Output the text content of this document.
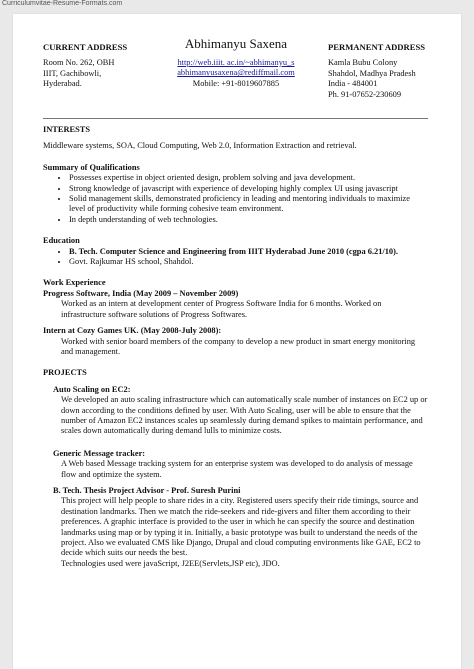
Curriculumvitae-Resume-Formats.com
CURRENT ADDRESS
Room No. 262, OBH
IIIT, Gachibowli,
Hyderabad.
Abhimanyu Saxena
http://web.iiit. ac.in/~abhimanyu_s
abhimanyusaxena@rediffmail.com
Mobile: +91-8019607885
PERMANENT ADDRESS
Kamla Bubu Colony
Shahdol, Madhya Pradesh
India - 484001
Ph. 91-07652-230609
INTERESTS

Middleware systems, SOA, Cloud Computing, Web 2.0, Information Extraction and retrieval.

Summary of Qualifications
• Possesses expertise in object oriented design, problem solving and java development.
• Strong knowledge of javascript with experience of developing highly complex UI using javascript
• Solid management skills, demonstrated proficiency in leading and mentoring individuals to maximize level of productivity while forming cohesive team environment.
• In depth understanding of web technologies.
Education
• B. Tech. Computer Science and Engineering from IIIT Hyderabad June 2010 (cgpa 6.21/10).
• Govt. Rajkumar HS school, Shahdol.
Work Experience
Progress Software, India (May 2009 – November 2009)

Worked as an intern at development center of Progress Software India for 6 months. Worked on infrastructure software solutions of Progress Softwares.

Intern at Cozy Games UK. (May 2008-July 2008):

Worked with senior board members of the company to develop a new product in smart energy monitoring and management.

PROJECTS
Auto Scaling on EC2:

We developed an auto scaling infrastructure which can automatically scale number of instances on EC2 up or down according to the conditions defined by user. With Auto Scaling, user will be able to ensure that the number of Amazon EC2 instances scales up seamlessly during demand spikes to maintain performance, and scales down automatically during demand lulls to minimize costs.

Generic Message tracker:

A Web based Message tracking system for an enterprise system was developed to do analysis of message flow and optimize the system.

B. Tech. Thesis Project Advisor - Prof. Suresh Purini

This project will help people to share rides in a city. Registered users specify their ride timings, source and destination landmarks. Then we match the ride-seekers and ride-givers and filter them according to their preferences. A graphic interface is provided to the user in which he can specify the source and destination landmarks using map or by typing it in. Initially, a basic prototype was built to understand the needs of the project. Also we evaluated CMS like Django, Drupal and cloud computing environments like GAE, EC2 to decide which suits our needs the best.

Technologies used were javaScript, J2EE(Servlets,JSP etc), JDO.
